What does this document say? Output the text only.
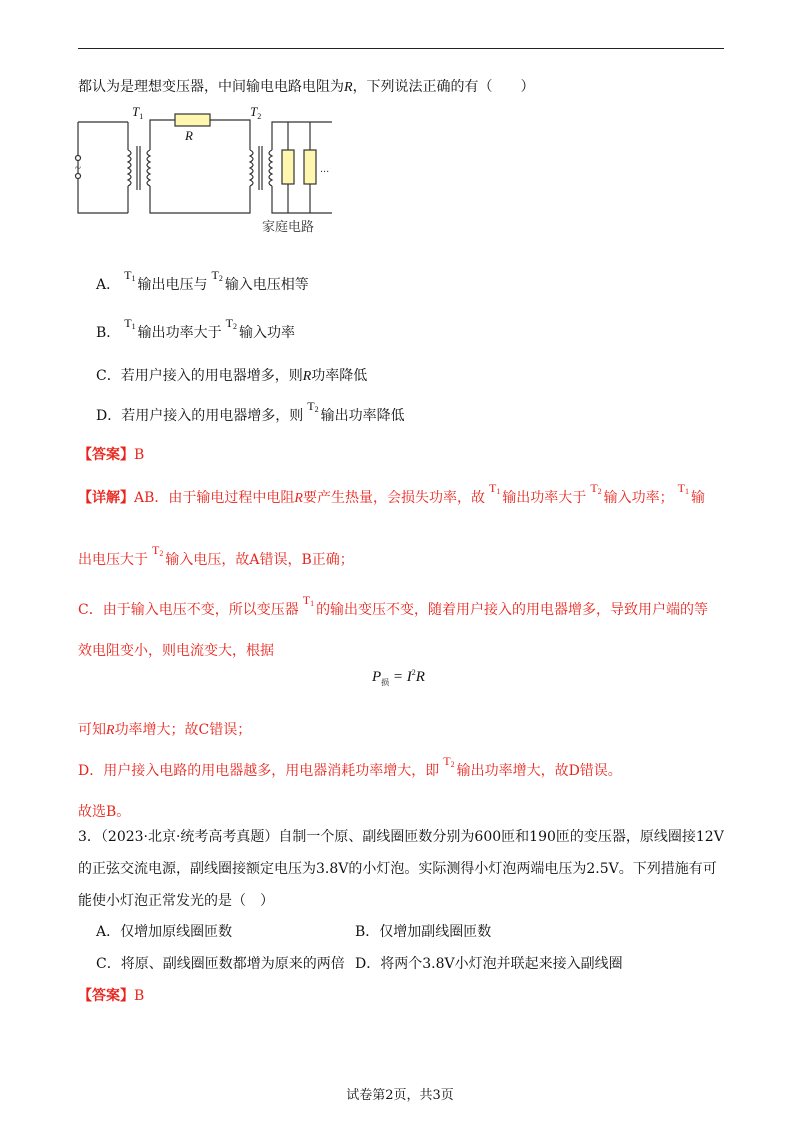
都认为是理想变压器，中间输电电路电阻为R，下列说法正确的有（　　）
~
$T_1$
R
$T_2$
...
家庭电路
A．$T_1$ 输出电压与$T_2$ 输入电压相等
B．$T_1$ 输出功率大于$T_2$ 输入功率
C．若用户接入的用电器增多，则R功率降低
D．若用户接入的用电器增多，则$T_2$ 输出功率降低
【答案】B
【详解】AB．由于输电过程中电阻R要产生热量，会损失功率，故$T_1$ 输出功率大于$T_2$ 输入功率；$T_1$ 输
出电压大于$T_2$ 输入电压，故A错误，B正确；
C．由于输入电压不变，所以变压器$T_1$ 的输出变压不变，随着用户接入的用电器增多，导致用户端的等
效电阻变小，则电流变大，根据
$P_损 = I^2R$
可知R功率增大；故C错误；
D．用户接入电路的用电器越多，用电器消耗功率增大，即$T_2$ 输出功率增大，故D错误。
故选B。
3．（2023·北京·统考高考真题）自制一个原、副线圈匝数分别为600匝和190匝的变压器，原线圈接12V
的正弦交流电源，副线圈接额定电压为3.8V的小灯泡。实际测得小灯泡两端电压为2.5V。下列措施有可
能使小灯泡正常发光的是（　）
A．仅增加原线圈匝数	B．仅增加副线圈匝数
C．将原、副线圈匝数都增为原来的两倍 D．将两个3.8V小灯泡并联起来接入副线圈
【答案】B
试卷第2页，共3页
